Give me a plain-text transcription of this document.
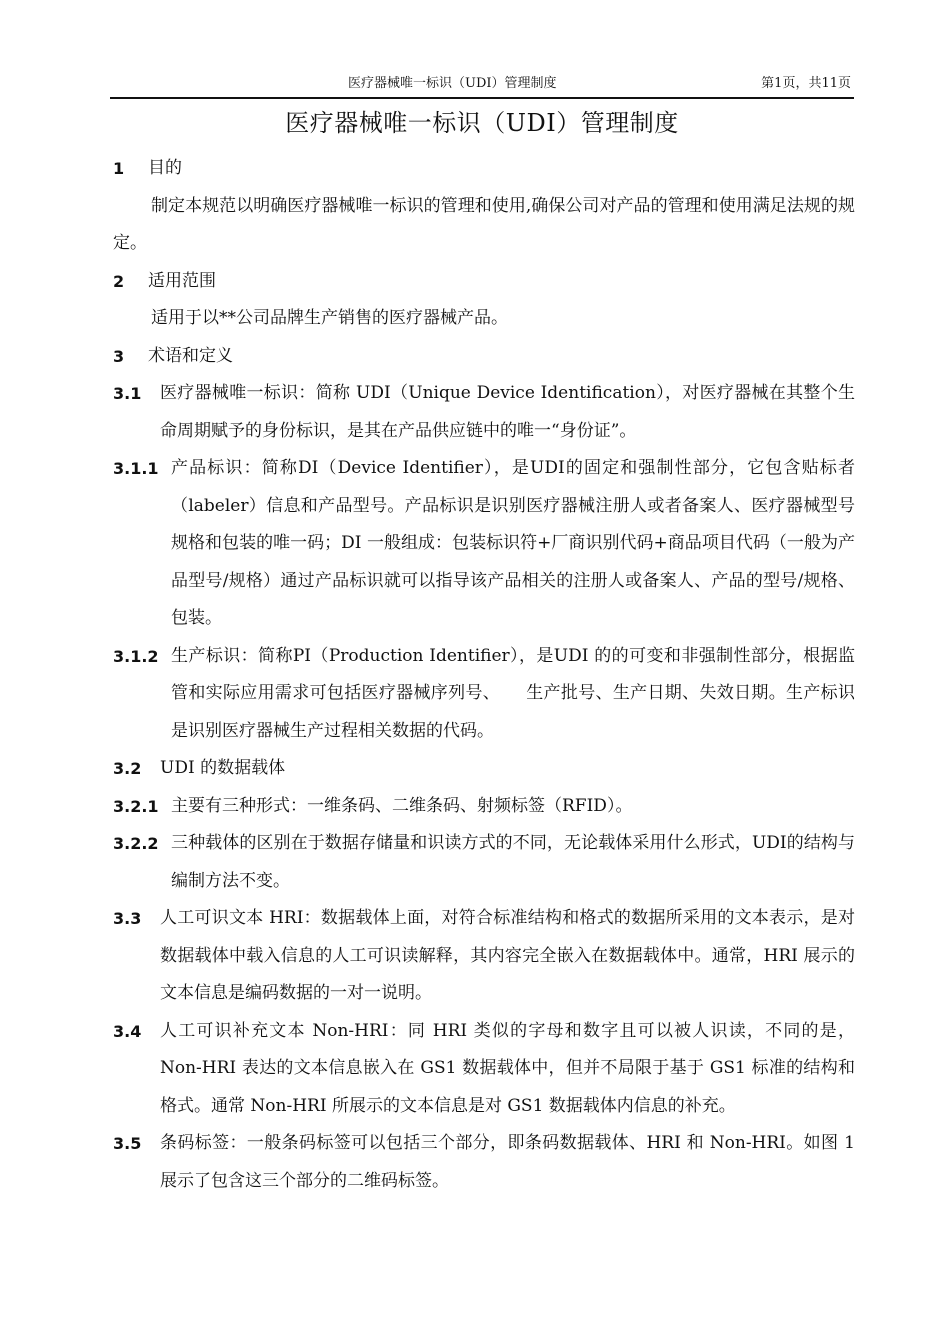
医疗器械唯一标识（UDI）管理制度	第1页，共11页
医疗器械唯一标识（UDI）管理制度
1	目的
制定本规范以明确医疗器械唯一标识的管理和使用,确保公司对产品的管理和使用满足法规的规定。
2	适用范围
适用于以**公司品牌生产销售的医疗器械产品。
3	术语和定义
3.1	医疗器械唯一标识：简称 UDI（Unique Device Identification），对医疗器械在其整个生命周期赋予的身份标识，是其在产品供应链中的唯一“身份证”。
3.1.1 产品标识：简称DI（Device Identifier），是UDI的固定和强制性部分，它包含贴标者（labeler）信息和产品型号。产品标识是识别医疗器械注册人或者备案人、医疗器械型号规格和包装的唯一码；DI 一般组成：包装标识符+厂商识别代码+商品项目代码（一般为产品型号/规格）通过产品标识就可以指导该产品相关的注册人或备案人、产品的型号/规格、包装。
3.1.2 生产标识：简称PI（Production Identifier），是UDI 的的可变和非强制性部分，根据监管和实际应用需求可包括医疗器械序列号、　　生产批号、生产日期、失效日期。生产标识是识别医疗器械生产过程相关数据的代码。
3.2	UDI 的数据载体
3.2.1 主要有三种形式：一维条码、二维条码、射频标签（RFID）。
3.2.2 三种载体的区别在于数据存储量和识读方式的不同，无论载体采用什么形式，UDI的结构与编制方法不变。
3.3	人工可识文本 HRI：数据载体上面，对符合标准结构和格式的数据所采用的文本表示，是对数据载体中载入信息的人工可识读解释，其内容完全嵌入在数据载体中。通常，HRI 展示的文本信息是编码数据的一对一说明。
3.4	人工可识补充文本 Non-HRI：同 HRI 类似的字母和数字且可以被人识读，不同的是，Non-HRI 表达的文本信息嵌入在 GS1 数据载体中，但并不局限于基于 GS1 标准的结构和格式。通常 Non-HRI 所展示的文本信息是对 GS1 数据载体内信息的补充。
3.5	条码标签：一般条码标签可以包括三个部分，即条码数据载体、HRI 和 Non-HRI。如图 1 展示了包含这三个部分的二维码标签。
